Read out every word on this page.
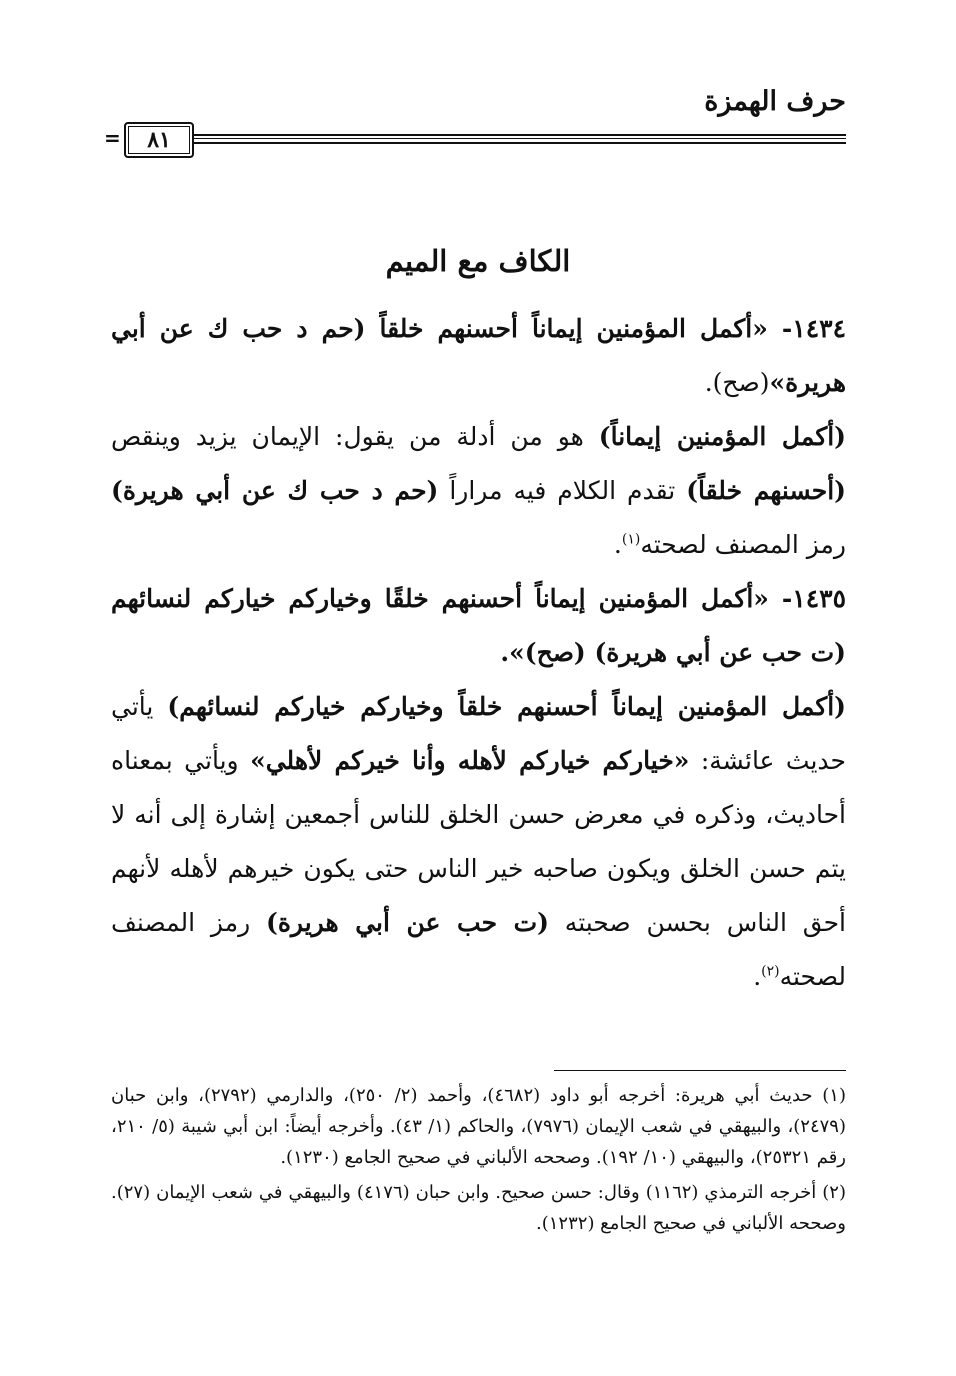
حرف الهمزة
=	٨١
الكاف مع الميم

١٤٣٤- «أكمل المؤمنين إيماناً أحسنهم خلقاً (حم د حب ك عن أبي هريرة»(صح).

(أكمل المؤمنين إيماناً) هو من أدلة من يقول: الإيمان يزيد وينقص (أحسنهم خلقاً) تقدم الكلام فيه مراراً (حم د حب ك عن أبي هريرة) رمز المصنف لصحته$^{(١)}$.

١٤٣٥- «أكمل المؤمنين إيماناً أحسنهم خلقًا وخياركم خياركم لنسائهم (ت حب عن أبي هريرة) (صح)».

(أكمل المؤمنين إيماناً أحسنهم خلقاً وخياركم خياركم لنسائهم) يأتي حديث عائشة: «خياركم خياركم لأهله وأنا خيركم لأهلي» ويأتي بمعناه أحاديث، وذكره في معرض حسن الخلق للناس أجمعين إشارة إلى أنه لا يتم حسن الخلق ويكون صاحبه خير الناس حتى يكون خيرهم لأهله لأنهم أحق الناس بحسن صحبته (ت حب عن أبي هريرة) رمز المصنف لصحته$^{(٢)}$.

(١) حديث أبي هريرة: أخرجه أبو داود (٤٦٨٢)، وأحمد (٢/ ٢٥٠)، والدارمي (٢٧٩٢)، وابن حبان (٢٤٧٩)، والبيهقي في شعب الإيمان (٧٩٧٦)، والحاكم (١/ ٤٣). وأخرجه أيضاً: ابن أبي شيبة (٥/ ٢١٠، رقم ٢٥٣٢١)، والبيهقي (١٠/ ١٩٢). وصححه الألباني في صحيح الجامع (١٢٣٠).

(٢) أخرجه الترمذي (١١٦٢) وقال: حسن صحيح. وابن حبان (٤١٧٦) والبيهقي في شعب الإيمان (٢٧). وصححه الألباني في صحيح الجامع (١٢٣٢).
